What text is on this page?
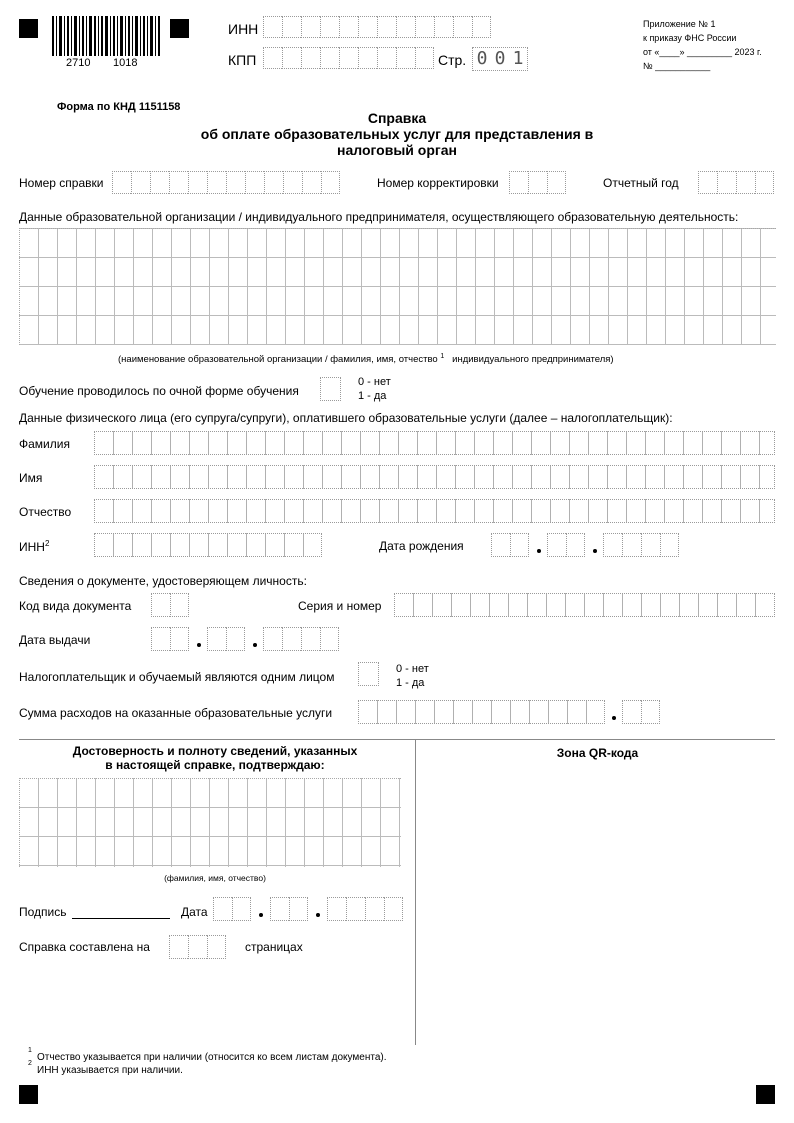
2710 1018
ИНН
КПП	Стр. 0 0 1
Приложение № 1
к приказу ФНС России
от «____» _________ 2023 г.
№ ___________
Форма по КНД 1151158
Справка
об оплате образовательных услуг для представления в
налоговый орган
Номер справки	Номер корректировки	Отчетный год
Данные образовательной организации / индивидуального предпринимателя, осуществляющего образовательную деятельность:
(наименование образовательной организации / фамилия, имя, отчество $^1$ индивидуального предпринимателя)
Обучение проводилось по очной форме обучения
0 - нет
1 - да
Данные физического лица (его супруга/супруги), оплатившего образовательные услуги (далее – налогоплательщик):
Фамилия
Имя
Отчество
ИНН$^2$	Дата рождения
Сведения о документе, удостоверяющем личность:
Код вида документа	Серия и номер
Дата выдачи
Налогоплательщик и обучаемый являются одним лицом
0 - нет
1 - да
Сумма расходов на оказанные образовательные услуги
Достоверность и полноту сведений, указанных
в настоящей справке, подтверждаю:
Зона QR-кода
(фамилия, имя, отчество)
Подпись	Дата
Справка составлена на	страницах
1
2
Отчество указывается при наличии (относится ко всем листам документа).
ИНН указывается при наличии.
